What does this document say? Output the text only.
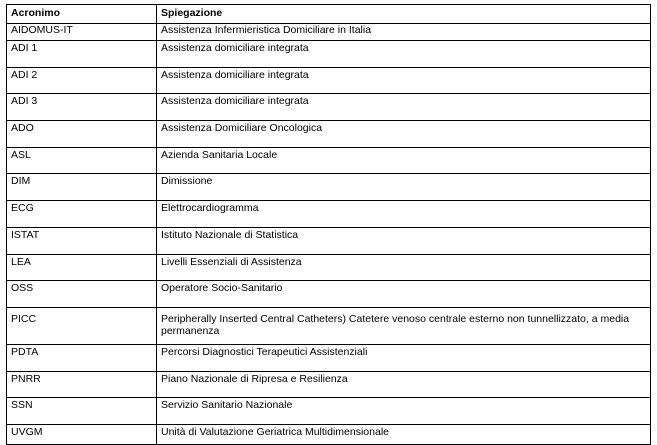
Acronimo	Spiegazione
AIDOMUS-IT	Assistenza Infermieristica Domiciliare in Italia
ADI 1	Assistenza domiciliare integrata
ADI 2	Assistenza domiciliare integrata
ADI 3	Assistenza domiciliare integrata
ADO	Assistenza Domiciliare Oncologica
ASL	Azienda Sanitaria Locale
DIM	Dimissione
ECG	Elettrocardiogramma
ISTAT	Istituto Nazionale di Statistica
LEA	Livelli Essenziali di Assistenza
OSS	Operatore Socio-Sanitario
PICC	Peripherally Inserted Central Catheters) Catetere venoso centrale esterno non tunnellizzato, a media permanenza
PDTA	Percorsi Diagnostici Terapeutici Assistenziali
PNRR	Piano Nazionale di Ripresa e Resilienza
SSN	Servizio Sanitario Nazionale
UVGM	Unità di Valutazione Geriatrica Multidimensionale
